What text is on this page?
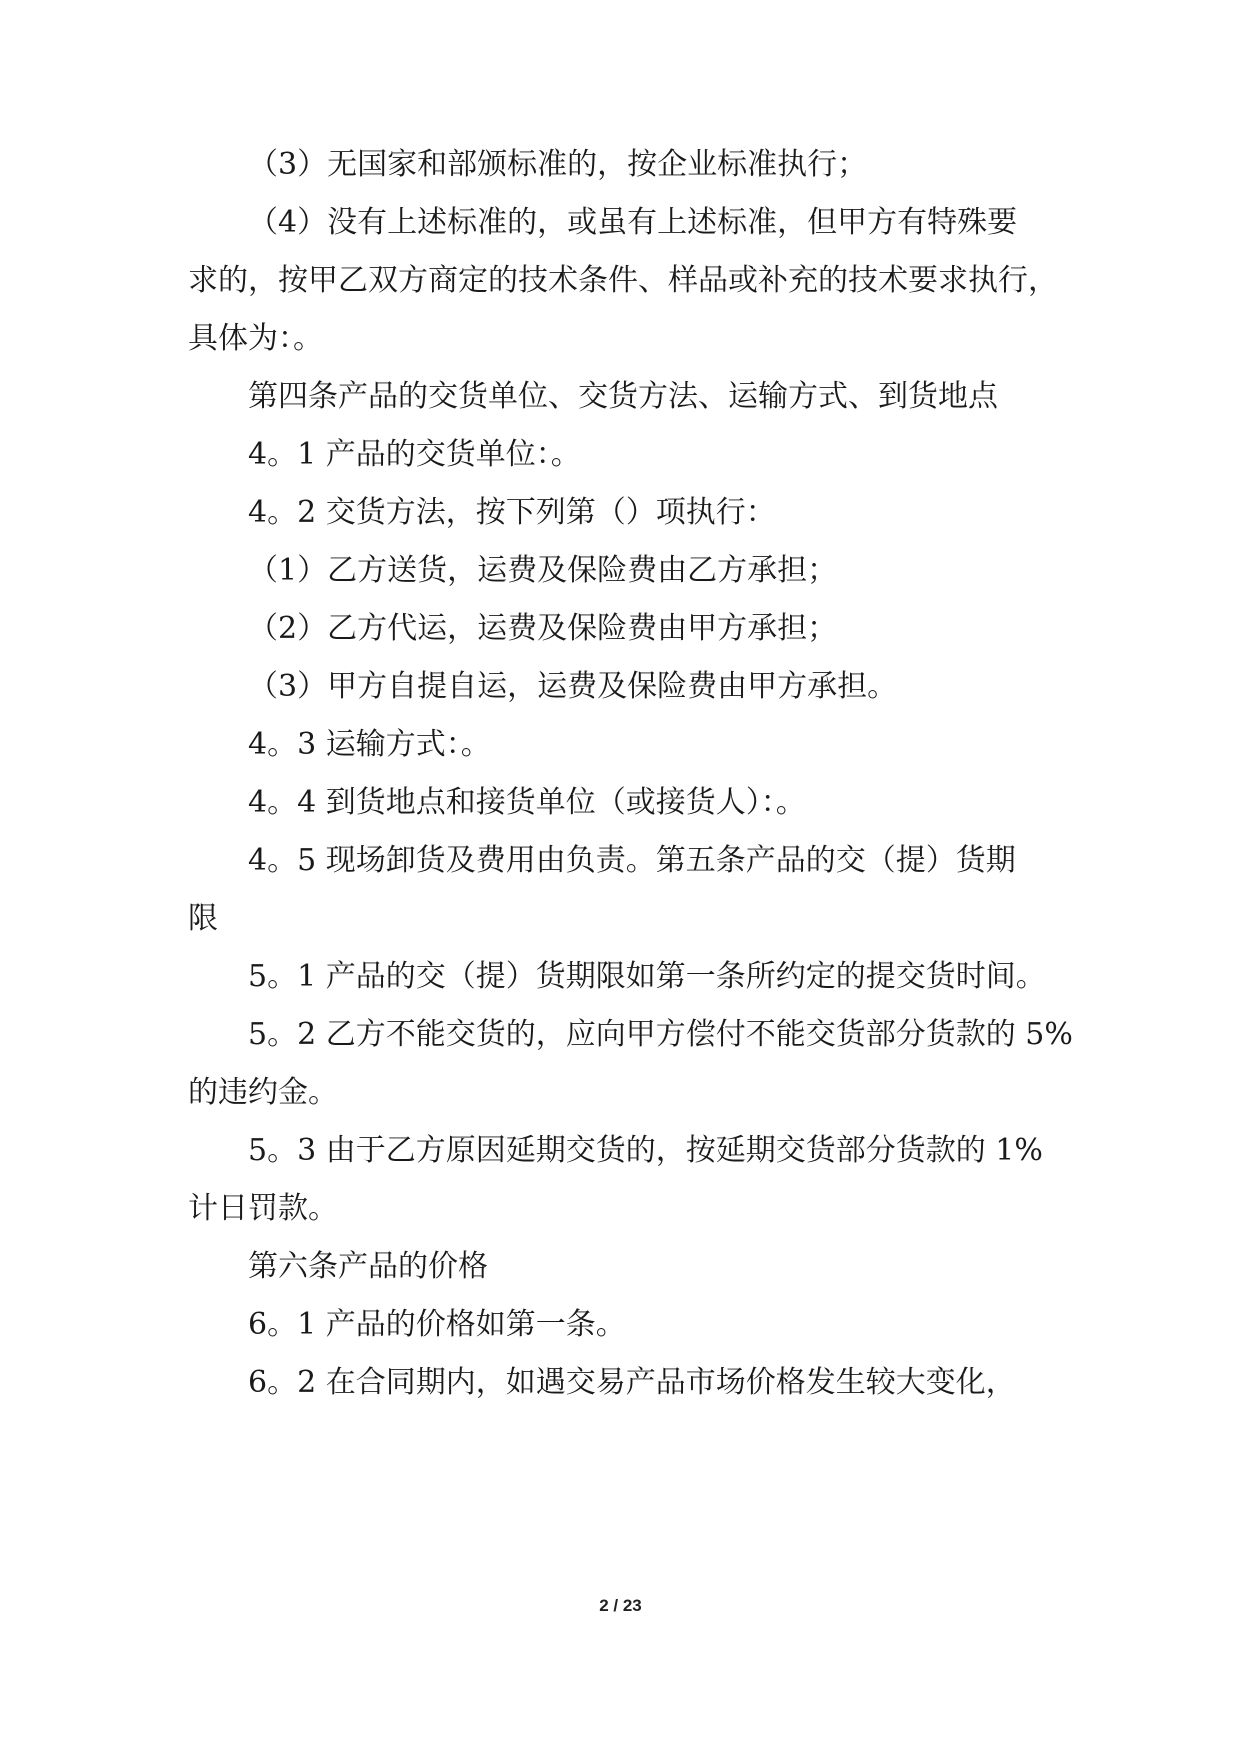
（3）无国家和部颁标准的，按企业标准执行；
（4）没有上述标准的，或虽有上述标准，但甲方有特殊要
求的，按甲乙双方商定的技术条件、样品或补充的技术要求执行，
具体为：。
第四条产品的交货单位、交货方法、运输方式、到货地点
4。1 产品的交货单位：。
4。2 交货方法，按下列第（）项执行：
（1）乙方送货，运费及保险费由乙方承担；
（2）乙方代运，运费及保险费由甲方承担；
（3）甲方自提自运，运费及保险费由甲方承担。
4。3 运输方式：。
4。4 到货地点和接货单位（或接货人）：。
4。5 现场卸货及费用由负责。第五条产品的交（提）货期
限
5。1 产品的交（提）货期限如第一条所约定的提交货时间。
5。2 乙方不能交货的，应向甲方偿付不能交货部分货款的 5%
的违约金。
5。3 由于乙方原因延期交货的，按延期交货部分货款的 1%
计日罚款。
第六条产品的价格
6。1 产品的价格如第一条。
6。2 在合同期内，如遇交易产品市场价格发生较大变化，
2 / 23
